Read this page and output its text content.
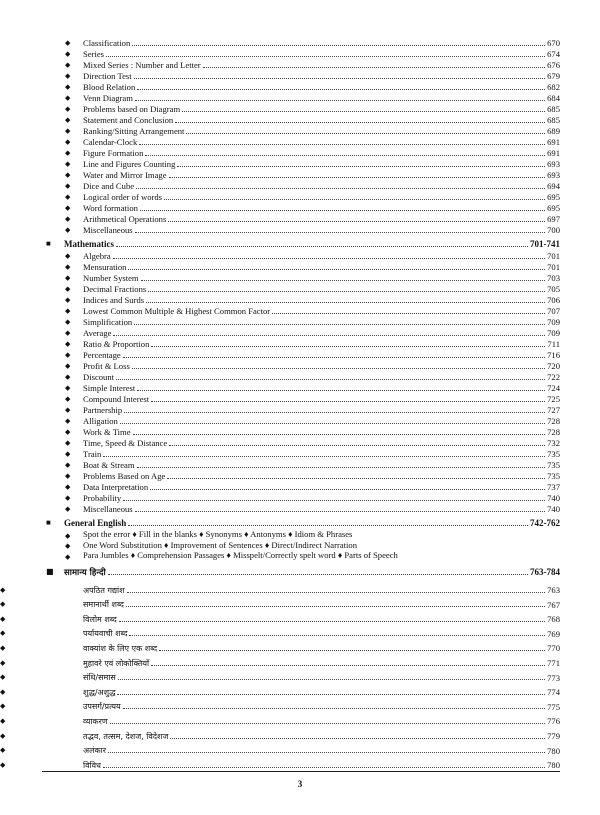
◆ Classification	670
◆ Series	674
◆ Mixed Series : Number and Letter	676
◆ Direction Test	679
◆ Blood Relation	682
◆ Venn Diagram	684
◆ Problems based on Diagram	685
◆ Statement and Conclusion	685
◆ Ranking/Sitting Arrangement	689
◆ Calendar-Clock	691
◆ Figure Formation	691
◆ Line and Figures Counting	693
◆ Water and Mirror Image	693
◆ Dice and Cube	694
◆ Logical order of words	695
◆ Word formation	695
◆ Arithmetical Operations	697
◆ Miscellaneous	700
■ Mathematics	701-741
◆ Algebra	701
◆ Mensuration	701
◆ Number System	703
◆ Decimal Fractions	705
◆ Indices and Surds	706
◆ Lowest Common Multiple & Highest Common Factor	707
◆ Simplification	709
◆ Average	709
◆ Ratio & Proportion	711
◆ Percentage	716
◆ Profit & Loss	720
◆ Discount	722
◆ Simple Interest	724
◆ Compound Interest	725
◆ Partnership	727
◆ Alligation	728
◆ Work & Time	728
◆ Time, Speed & Distance	732
◆ Train	735
◆ Boat & Stream	735
◆ Problems Based on Age	735
◆ Data Interpretation	737
◆ Probability	740
◆ Miscellaneous	740
■ General English	742-762
◆ Spot the error ♦ Fill in the blanks ♦ Synonyms ♦ Antonyms ♦ Idiom & Phrases
◆ One Word Substitution ♦ Improvement of Sentences ♦ Direct/Indirect Narration
◆ Para Jumbles ♦ Comprehension Passages ♦ Misspelt/Correctly spelt word ♦ Parts of Speech
■ सामान्य हिन्दी	763-784
◆	अपठित गद्यांश	763
◆	समानार्थी शब्द	767
◆	विलोम शब्द	768
◆	पर्यायवाची शब्द	769
◆	वाक्यांश के लिए एक शब्द	770
◆	मुहावरे एवं लोकोक्तियाँ	771
◆	संधि/समास	773
◆	शुद्ध/अशुद्ध	774
◆	उपसर्ग/प्रत्यय	775
◆	व्याकरण	776
◆	तद्भव, तत्सम, देशज, विदेशज	779
◆	अलंकार	780
◆	विविध	780
3
